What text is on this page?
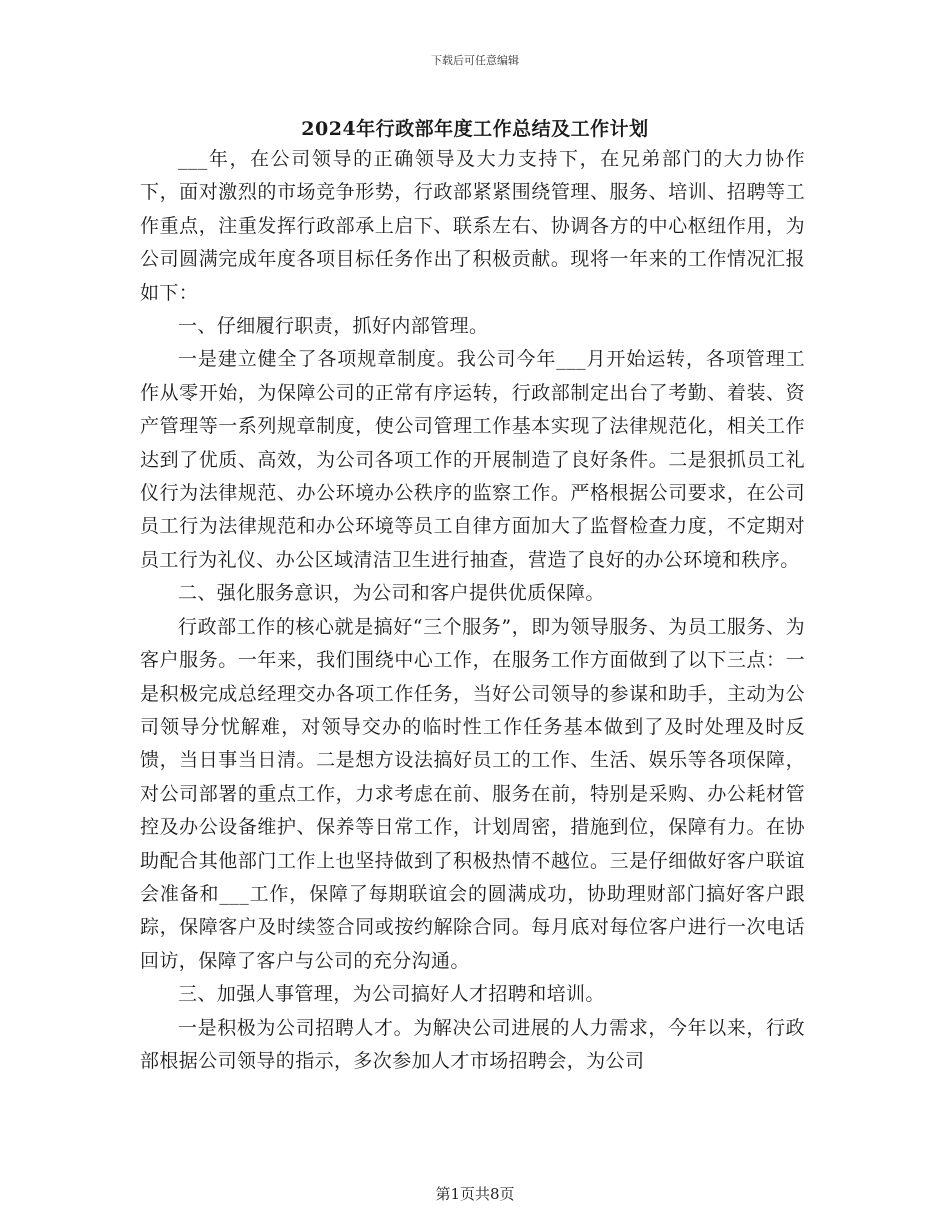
下载后可任意编辑
2024年行政部年度工作总结及工作计划

___年，在公司领导的正确领导及大力支持下，在兄弟部门的大力协作下，面对激烈的市场竞争形势，行政部紧紧围绕管理、服务、培训、招聘等工作重点，注重发挥行政部承上启下、联系左右、协调各方的中心枢纽作用，为公司圆满完成年度各项目标任务作出了积极贡献。现将一年来的工作情况汇报如下：

一、仔细履行职责，抓好内部管理。

一是建立健全了各项规章制度。我公司今年___月开始运转，各项管理工作从零开始，为保障公司的正常有序运转，行政部制定出台了考勤、着装、资产管理等一系列规章制度，使公司管理工作基本实现了法律规范化，相关工作达到了优质、高效，为公司各项工作的开展制造了良好条件。二是狠抓员工礼仪行为法律规范、办公环境办公秩序的监察工作。严格根据公司要求，在公司员工行为法律规范和办公环境等员工自律方面加大了监督检查力度，不定期对员工行为礼仪、办公区域清洁卫生进行抽查，营造了良好的办公环境和秩序。

二、强化服务意识，为公司和客户提供优质保障。

行政部工作的核心就是搞好“三个服务”，即为领导服务、为员工服务、为客户服务。一年来，我们围绕中心工作，在服务工作方面做到了以下三点：一是积极完成总经理交办各项工作任务，当好公司领导的参谋和助手，主动为公司领导分忧解难，对领导交办的临时性工作任务基本做到了及时处理及时反馈，当日事当日清。二是想方设法搞好员工的工作、生活、娱乐等各项保障，对公司部署的重点工作，力求考虑在前、服务在前，特别是采购、办公耗材管控及办公设备维护、保养等日常工作，计划周密，措施到位，保障有力。在协助配合其他部门工作上也坚持做到了积极热情不越位。三是仔细做好客户联谊会准备和___工作，保障了每期联谊会的圆满成功，协助理财部门搞好客户跟踪，保障客户及时续签合同或按约解除合同。每月底对每位客户进行一次电话回访，保障了客户与公司的充分沟通。

三、加强人事管理，为公司搞好人才招聘和培训。

一是积极为公司招聘人才。为解决公司进展的人力需求，今年以来，行政部根据公司领导的指示，多次参加人才市场招聘会，为公司

第1页共8页
